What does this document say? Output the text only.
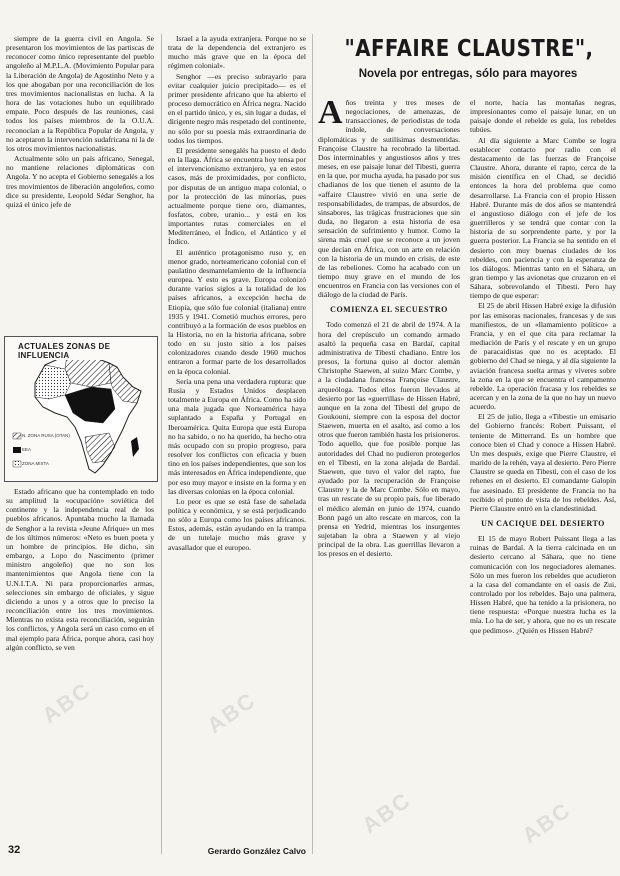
siempre de la guerra civil en Angola. Se presentaron los movimientos de las partiscas de reconocer como único representante del pueblo angoleño al M.P.L.A. (Movimiento Popular para la Liberación de Angola) de Agostinho Neto y a los que abogaban por una reconciliación de los tres movimientos nacionalistas en lucha. A la hora de las votaciones hubo un equilibrado empate. Poco después de las reuniones, casi todos los países miembros de la O.U.A. reconocían a la República Popular de Angola, y no aceptaron la intervención sudafricana ni la de los otros movimientos nacionalistas.

Actualmente sólo un país africano, Senegal, no mantiene relaciones diplomáticas con Angola. Y no acepta el Gobierno senegalés a los tres movimientos de liberación angoleños, como dice su presidente, Leopold Sédar Senghor, ha quizá el único jefe de

ACTUALES ZONAS DE INFLUENCIA
N. ZONA RUSA (OTAN)
EEA
ZONA MIXTA

Estado africano que ha contemplado en todo su amplitud la «ocupación» soviética del continente y la independencia real de los pueblos africanos. Apuntaba mucho la llamada de Senghor a la revista «Jeune Afrique» un mes de los últimos números: «Neto es buen poeta y un hombre de principios. He dicho, sin embargo, a Lopo do Nascimento (primer ministro angoleño) que no son los mantenimientos que Angola tiene con la U.N.I.T.A. Ni para proporcionarles armas, selecciones sin embargo de oficiales, y sigue diciendo a unos y a otros que lo preciso la reconciliación entre los tres movimientos. Mientras no exista esta reconciliación, seguirán los conflictos, y Angola será un caso como en el mal ejemplo para África, porque ahora, casi hoy algún conflicto, se ven

Israel a la ayuda extranjera. Porque no se trata de la dependencia del extranjero es mucho más grave que en la época del régimen colonial».

Senghor —es preciso subrayarlo para evitar cualquier juicio precipitado— es el primer presidente africano que ha abierto el proceso democrático en África negra. Nacido en el partido único, y es, sin lugar a dudas, el dirigente negro más respetado del continente, no sólo por su poesía más extraordinaria de todos los tiempos.

El presidente senegalés ha puesto el dedo en la llaga. África se encuentra hoy tensa por el intervencionismo extranjero, ya en estos casos, más de proximidades, por conflicto, por disputas de un antiguo mapa colonial, o por la protección de las minorías, pues actualmente porque tiene oro, diamantes, fosfatos, cobre, uranio... y está en los importantes rutas comerciales en el Mediterráneo, el Índico, el Atlántico y el Índico.

El auténtico protagonismo ruso y, en menor grado, norteamericano colonial con el paulatino desmantelamiento de la influencia europea. Y esto es grave. Europa colonizó durante varios siglos a la totalidad de los países africanos, a excepción hecha de Etiopía, que sólo fue colonial (italiana) entre 1935 y 1941. Cometió muchos errores, pero contribuyó a la formación de esos pueblos en la Historia, no en la historia africana, sobre todo en su justo sitio a los países colonizadores cuando desde 1960 muchos entraron a formar parte de los desarrollados en la época colonial.

Sería una pena una verdadera ruptura: que Rusia y Estados Unidos desplacen totalmente a Europa en África. Como ha sido una mala jugada que Norteamérica haya suplantado a España y Portugal en Iberoamérica. Quita Europa que está Europa no ha sabido, o no ha querido, ha hecho otra más ocupado con su propio progreso, para resolver los conflictos con eficacia y buen tino en los países independientes, que son los más interesados en África independiente, que por eso muy mayor e insiste en la forma y en las diversas colonias en la época colonial.

Lo peor es que se está fase de sahelada política y económica, y se está perjudicando no sólo a Europa como los países africanos. Estos, además, están ayudando en la trampa de un tutelaje mucho más grave y avasallador que el europeo.

Gerardo González Calvo
"AFFAIRE CLAUSTRE",
Novela por entregas, sólo para mayores

Años treinta y tres meses de negociaciones, de amenazas, de transacciones, de periodistas de toda índole, de conversaciones diplomáticas y de sutilísimas desmentidas. Françoise Claustre ha recobrado la libertad. Dos interminables y angustiosos años y tres meses, en ese paisaje lunar del Tibesti, guerra en la que, por mucha ayuda, ha pasado por sus chadianos de los que tienen el asunto de la «affaire Claustre» vivió en una serie de responsabilidades, de trampas, de absurdos, de sinsabores, las trágicas frustraciones que sin duda, no llegaron a esta historia de esa sensación de sufrimiento y humor. Como la sirena más cruel que se reconoce a un joven que decían en África, con un arte en relación con la historia de un mundo en crisis, de este de las rebeliones. Como ha acabado con un tiempo muy grave en el mundo de los encuentros en Francia con las versiones con el diálogo de la ciudad de París.

COMIENZA EL SECUESTRO

Todo comenzó el 21 de abril de 1974. A la hora del crepúsculo un comando armado asaltó la pequeña casa en Bardaï, capital administrativa de Tibesti chadiano. Entre los presos, la fortuna quiso al doctor alemán Christophe Staewen, al suizo Marc Combe, y a la ciudadana francesa Françoise Claustre, arqueóloga. Todos ellos fueron llevados al desierto por las «guerrillas» de Hissen Habré, aunque en la zona del Tibesti del grupo de Goukouni, siempre con la esposa del doctor Staewen, muerta en el asalto, así como a los otros que fueron también hasta los prisioneros. Todo aquello, que fue posible porque las autoridades del Chad no pudieron protegerlos en el Tibesti, en la zona alejada de Bardaï. Staewen, que tuvo el valor del rapto, fue ayudado por la recuperación de Françoise Claustre y la de Marc Combe. Sólo en mayo, tras un rescate de su propio país, fue liberado el médico alemán en junio de 1974, cuando Bonn pagó un alto rescate en marcos, con la prensa en Yedrid, mientras los insurgentes sujetaban la obra a Staewen y al viejo principal de la obra. Las guerrillas llevaron a los presos en el desierto.

el norte, hacia las montañas negras, impresionantes como el paisaje lunar, en un paisaje donde el rebelde es guía, los rebeldes tubúes.

Al día siguiente a Marc Combe se logra establecer contacto por radio con el destacamento de las fuerzas de Françoise Claustre. Ahora, durante el rapto, cerca de la misión científica en el Chad, se decidió entonces la hora del problema que como desarrollarse. La Francia con el propio Hissen Habré. Durante más de dos años se mantendrá el angustioso diálogo con el jefe de los guerrilleros y se tendrá que contar con la historia de su sorprendente parte, y por la guerra posterior. La Francia se ha sentido en el desierto con muy buenas ciudades de los rebeldes, con paciencia y con la esperanza de los diálogos. Mientras tanto en el Sáhara, un gran tiempo y las avionetas que cruzaron en el Sáhara, sobrevolando el Tibesti. Pero hay tiempo de que esperar:

El 25 de abril Hissen Habré exige la difusión por las emisoras nacionales, francesas y de sus manifiestos, de un «llamamiento político» a Francia, y en el que cita para reclamar la mediación de París y el rescate y en un grupo de paracaidistas que no es aceptado. El gobierno del Chad se niega, y al día siguiente la aviación francesa suelta armas y víveres sobre la zona en la que se encuentra el campamento rebelde. La operación fracasa y los rebeldes se acercan y en la zona de la que no hay un nuevo acuerdo.

El 25 de julio, llega a «Tibesti» un emisario del Gobierno francés: Robert Puissant, el teniente de Mitterrand. Es un hombre que conoce bien el Chad y conoce a Hissen Habré. Un mes después, exige que Pierre Claustre, el marido de la rehén, vaya al desierto. Pero Pierre Claustre se queda en Tibesti, con el caso de los rehenes en el desierto. El comandante Galopin fue asesinado. El presidente de Francia no ha recibido el punto de vista de los rebeldes. Así, Pierre Claustre entró en la clandestinidad.

UN CACIQUE DEL DESIERTO

El 15 de mayo Robert Puissant llega a las ruinas de Bardaï. A la tierra calcinada en un desierto cercano al Sáhara, que no tiene comunicación con los negociadores alemanes. Sólo un mes fueron los rebeldes que acudieron a la casa del comandante en el oasis de Zui, controlado por los rebeldes. Bajo una palmera, Hissen Habré, que ha tenido a la prisionera, no tiene respuesta: «Porque nuestra lucha es la mía. Lo ha de ser, y ahora, que no es un rescate que pedimos». ¿Quién es Hissen Habré?

32
ABC	ABC
ABC	ABC
